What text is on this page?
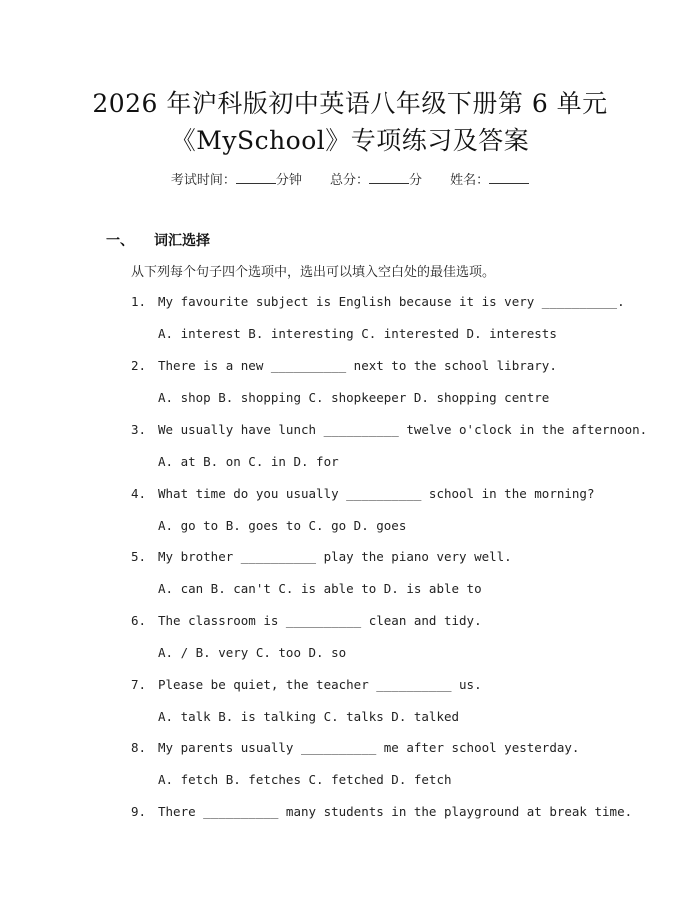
2026 年沪科版初中英语八年级下册第 6 单元
《MySchool》专项练习及答案
考试时间：	分钟 总分：	分 姓名：
一、 词汇选择
从下列每个句子四个选项中，选出可以填入空白处的最佳选项。
1. My favourite subject is English because it is very __________.
A. interest B. interesting C. interested D. interests
2. There is a new __________ next to the school library.
A. shop B. shopping C. shopkeeper D. shopping centre
3. We usually have lunch __________ twelve o'clock in the afternoon.
A. at B. on C. in D. for
4. What time do you usually __________ school in the morning?
A. go to B. goes to C. go D. goes
5. My brother __________ play the piano very well.
A. can B. can't C. is able to D. is able to
6. The classroom is __________ clean and tidy.
A. / B. very C. too D. so
7. Please be quiet, the teacher __________ us.
A. talk B. is talking C. talks D. talked
8. My parents usually __________ me after school yesterday.
A. fetch B. fetches C. fetched D. fetch
9. There __________ many students in the playground at break time.
